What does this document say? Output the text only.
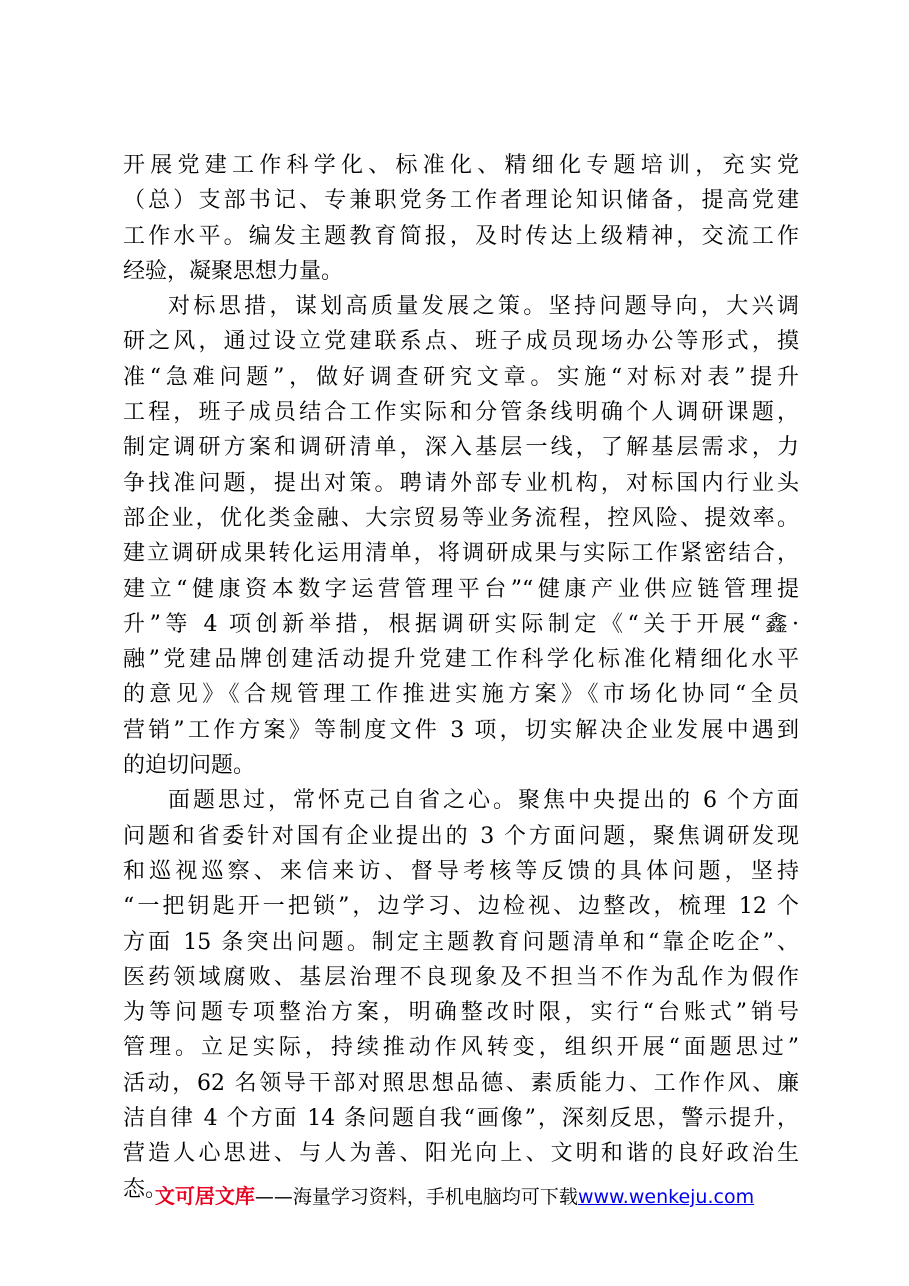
开展党建工作科学化、标准化、精细化专题培训，充实党
（总）支部书记、专兼职党务工作者理论知识储备，提高党建
工作水平。编发主题教育简报，及时传达上级精神，交流工作
经验，凝聚思想力量。
对标思措，谋划高质量发展之策。坚持问题导向，大兴调
研之风，通过设立党建联系点、班子成员现场办公等形式，摸
准“急难问题”，做好调查研究文章。实施“对标对表”提升
工程，班子成员结合工作实际和分管条线明确个人调研课题，
制定调研方案和调研清单，深入基层一线，了解基层需求，力
争找准问题，提出对策。聘请外部专业机构，对标国内行业头
部企业，优化类金融、大宗贸易等业务流程，控风险、提效率。
建立调研成果转化运用清单，将调研成果与实际工作紧密结合，
建立“健康资本数字运营管理平台”“健康产业供应链管理提
升”等 4 项创新举措，根据调研实际制定《“关于开展“鑫·
融”党建品牌创建活动提升党建工作科学化标准化精细化水平
的意见》《合规管理工作推进实施方案》《市场化协同“全员
营销”工作方案》等制度文件 3 项，切实解决企业发展中遇到
的迫切问题。
面题思过，常怀克己自省之心。聚焦中央提出的 6 个方面
问题和省委针对国有企业提出的 3 个方面问题，聚焦调研发现
和巡视巡察、来信来访、督导考核等反馈的具体问题，坚持
“一把钥匙开一把锁”，边学习、边检视、边整改，梳理 12 个
方面 15 条突出问题。制定主题教育问题清单和“靠企吃企”、
医药领域腐败、基层治理不良现象及不担当不作为乱作为假作
为等问题专项整治方案，明确整改时限，实行“台账式”销号
管理。立足实际，持续推动作风转变，组织开展“面题思过”
活动，62 名领导干部对照思想品德、素质能力、工作作风、廉
洁自律 4 个方面 14 条问题自我“画像”，深刻反思，警示提升，
营造人心思进、与人为善、阳光向上、文明和谐的良好政治生
态。
文可居文库——海量学习资料，手机电脑均可下载www.wenkeju.com
